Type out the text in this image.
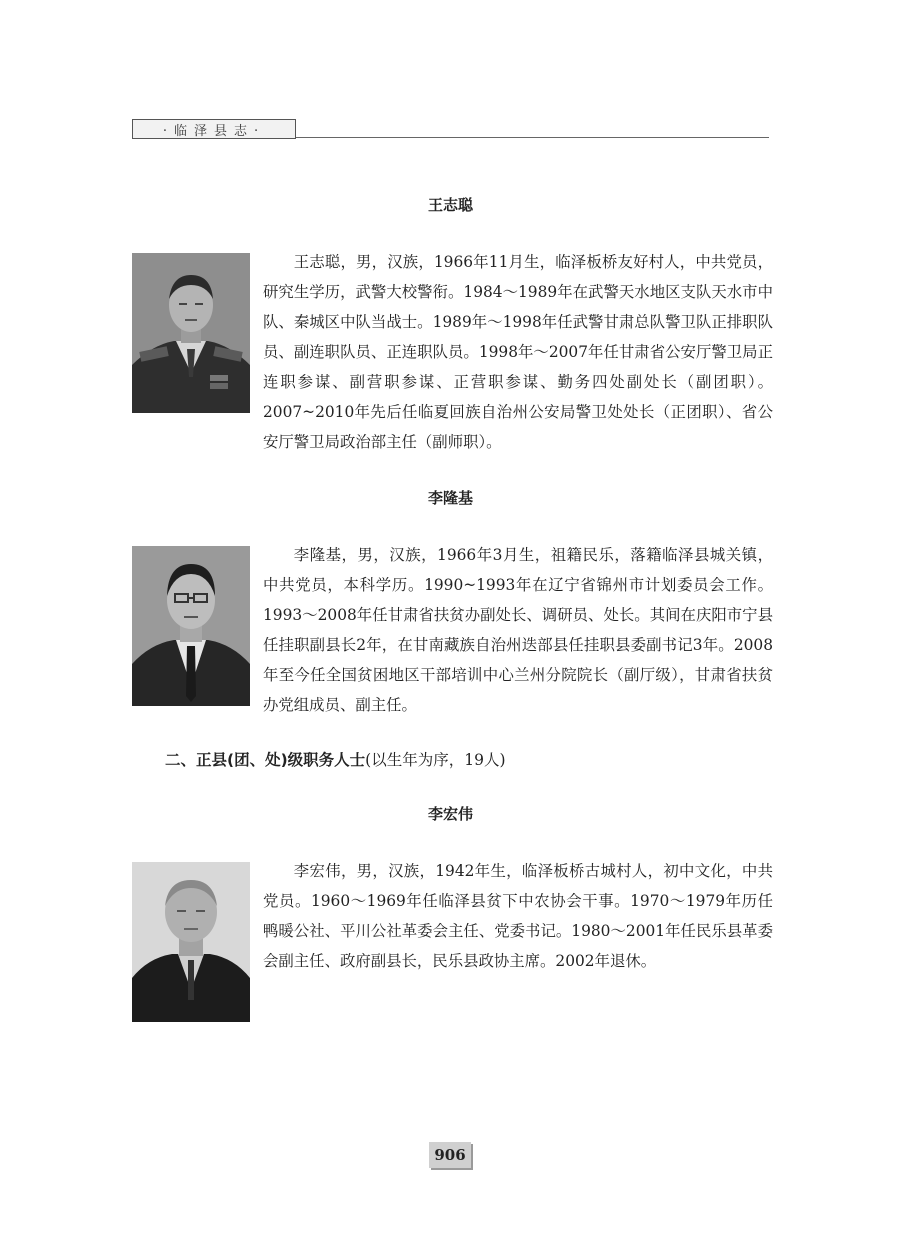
·临泽县志·
王志聪

王志聪，男，汉族，1966年11月生，临泽板桥友好村人，中共党员，研究生学历，武警大校警衔。1984～1989年在武警天水地区支队天水市中队、秦城区中队当战士。1989年～1998年任武警甘肃总队警卫队正排职队员、副连职队员、正连职队员。1998年～2007年任甘肃省公安厅警卫局正连职参谋、副营职参谋、正营职参谋、勤务四处副处长（副团职）。2007~2010年先后任临夏回族自治州公安局警卫处处长（正团职）、省公安厅警卫局政治部主任（副师职）。

李隆基

李隆基，男，汉族，1966年3月生，祖籍民乐，落籍临泽县城关镇，中共党员，本科学历。1990~1993年在辽宁省锦州市计划委员会工作。1993～2008年任甘肃省扶贫办副处长、调研员、处长。其间在庆阳市宁县任挂职副县长2年，在甘南藏族自治州迭部县任挂职县委副书记3年。2008年至今任全国贫困地区干部培训中心兰州分院院长（副厅级），甘肃省扶贫办党组成员、副主任。

二、正县(团、处)级职务人士(以生年为序，19人)
李宏伟

李宏伟，男，汉族，1942年生，临泽板桥古城村人，初中文化，中共党员。1960～1969年任临泽县贫下中农协会干事。1970～1979年历任鸭暖公社、平川公社革委会主任、党委书记。1980～2001年任民乐县革委会副主任、政府副县长，民乐县政协主席。2002年退休。

906
